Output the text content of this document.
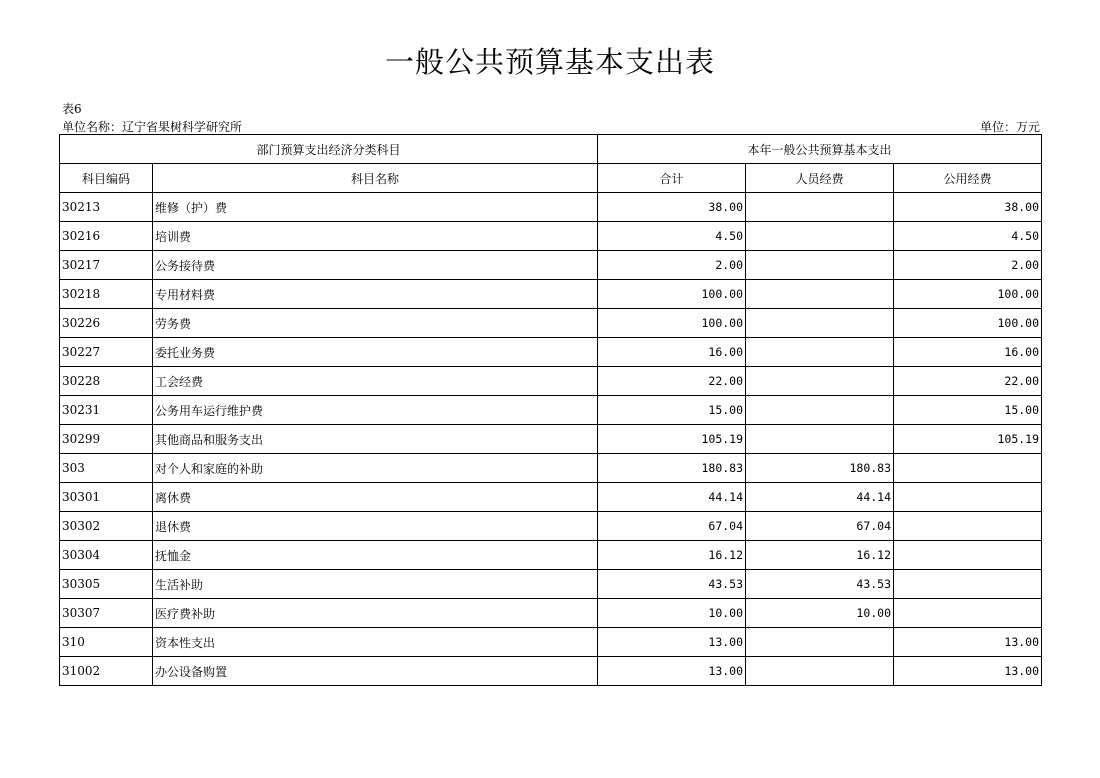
一般公共预算基本支出表
表6
单位名称：辽宁省果树科学研究所	单位：万元
部门预算支出经济分类科目		本年一般公共预算基本支出		
科目编码	科目名称	合计	人员经费	公用经费
30213	维修（护）费	38.00		38.00
30216	培训费	4.50		4.50
30217	公务接待费	2.00		2.00
30218	专用材料费	100.00		100.00
30226	劳务费	100.00		100.00
30227	委托业务费	16.00		16.00
30228	工会经费	22.00		22.00
30231	公务用车运行维护费	15.00		15.00
30299	其他商品和服务支出	105.19		105.19
303	对个人和家庭的补助	180.83	180.83	
30301	离休费	44.14	44.14	
30302	退休费	67.04	67.04	
30304	抚恤金	16.12	16.12	
30305	生活补助	43.53	43.53	
30307	医疗费补助	10.00	10.00	
310	资本性支出	13.00		13.00
31002	办公设备购置	13.00		13.00
